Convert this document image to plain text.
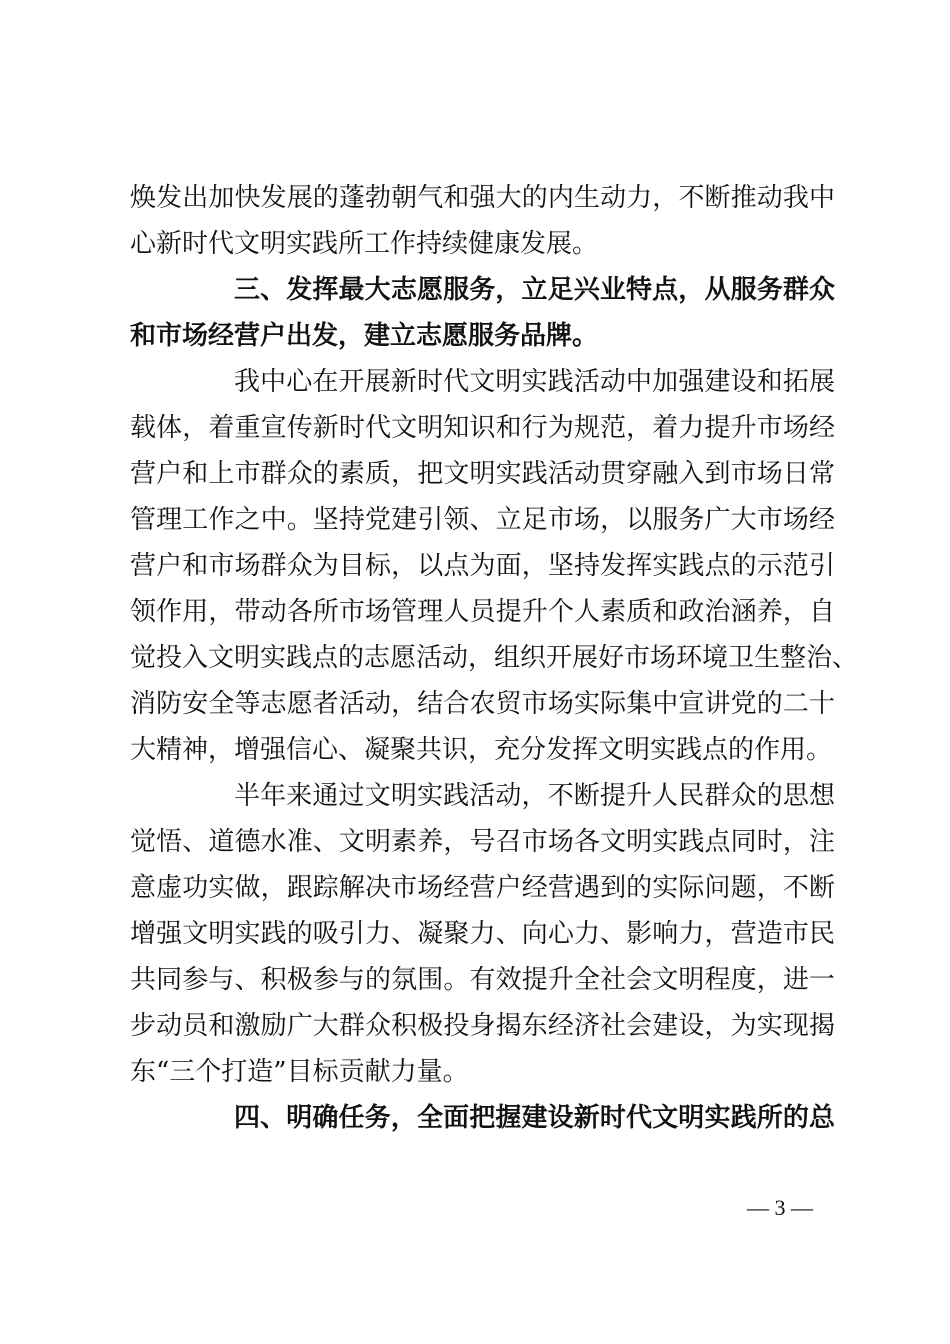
焕发出加快发展的蓬勃朝气和强大的内生动力，不断推动我中
心新时代文明实践所工作持续健康发展。
三、发挥最大志愿服务，立足兴业特点，从服务群众
和市场经营户出发，建立志愿服务品牌。
我中心在开展新时代文明实践活动中加强建设和拓展
载体，着重宣传新时代文明知识和行为规范，着力提升市场经
营户和上市群众的素质，把文明实践活动贯穿融入到市场日常
管理工作之中。坚持党建引领、立足市场，以服务广大市场经
营户和市场群众为目标，以点为面，坚持发挥实践点的示范引
领作用，带动各所市场管理人员提升个人素质和政治涵养，自
觉投入文明实践点的志愿活动，组织开展好市场环境卫生整治、
消防安全等志愿者活动，结合农贸市场实际集中宣讲党的二十
大精神，增强信心、凝聚共识，充分发挥文明实践点的作用。
半年来通过文明实践活动，不断提升人民群众的思想
觉悟、道德水准、文明素养，号召市场各文明实践点同时，注
意虚功实做，跟踪解决市场经营户经营遇到的实际问题，不断
增强文明实践的吸引力、凝聚力、向心力、影响力，营造市民
共同参与、积极参与的氛围。有效提升全社会文明程度，进一
步动员和激励广大群众积极投身揭东经济社会建设，为实现揭
东“三个打造”目标贡献力量。
四、明确任务，全面把握建设新时代文明实践所的总
— 3 —
